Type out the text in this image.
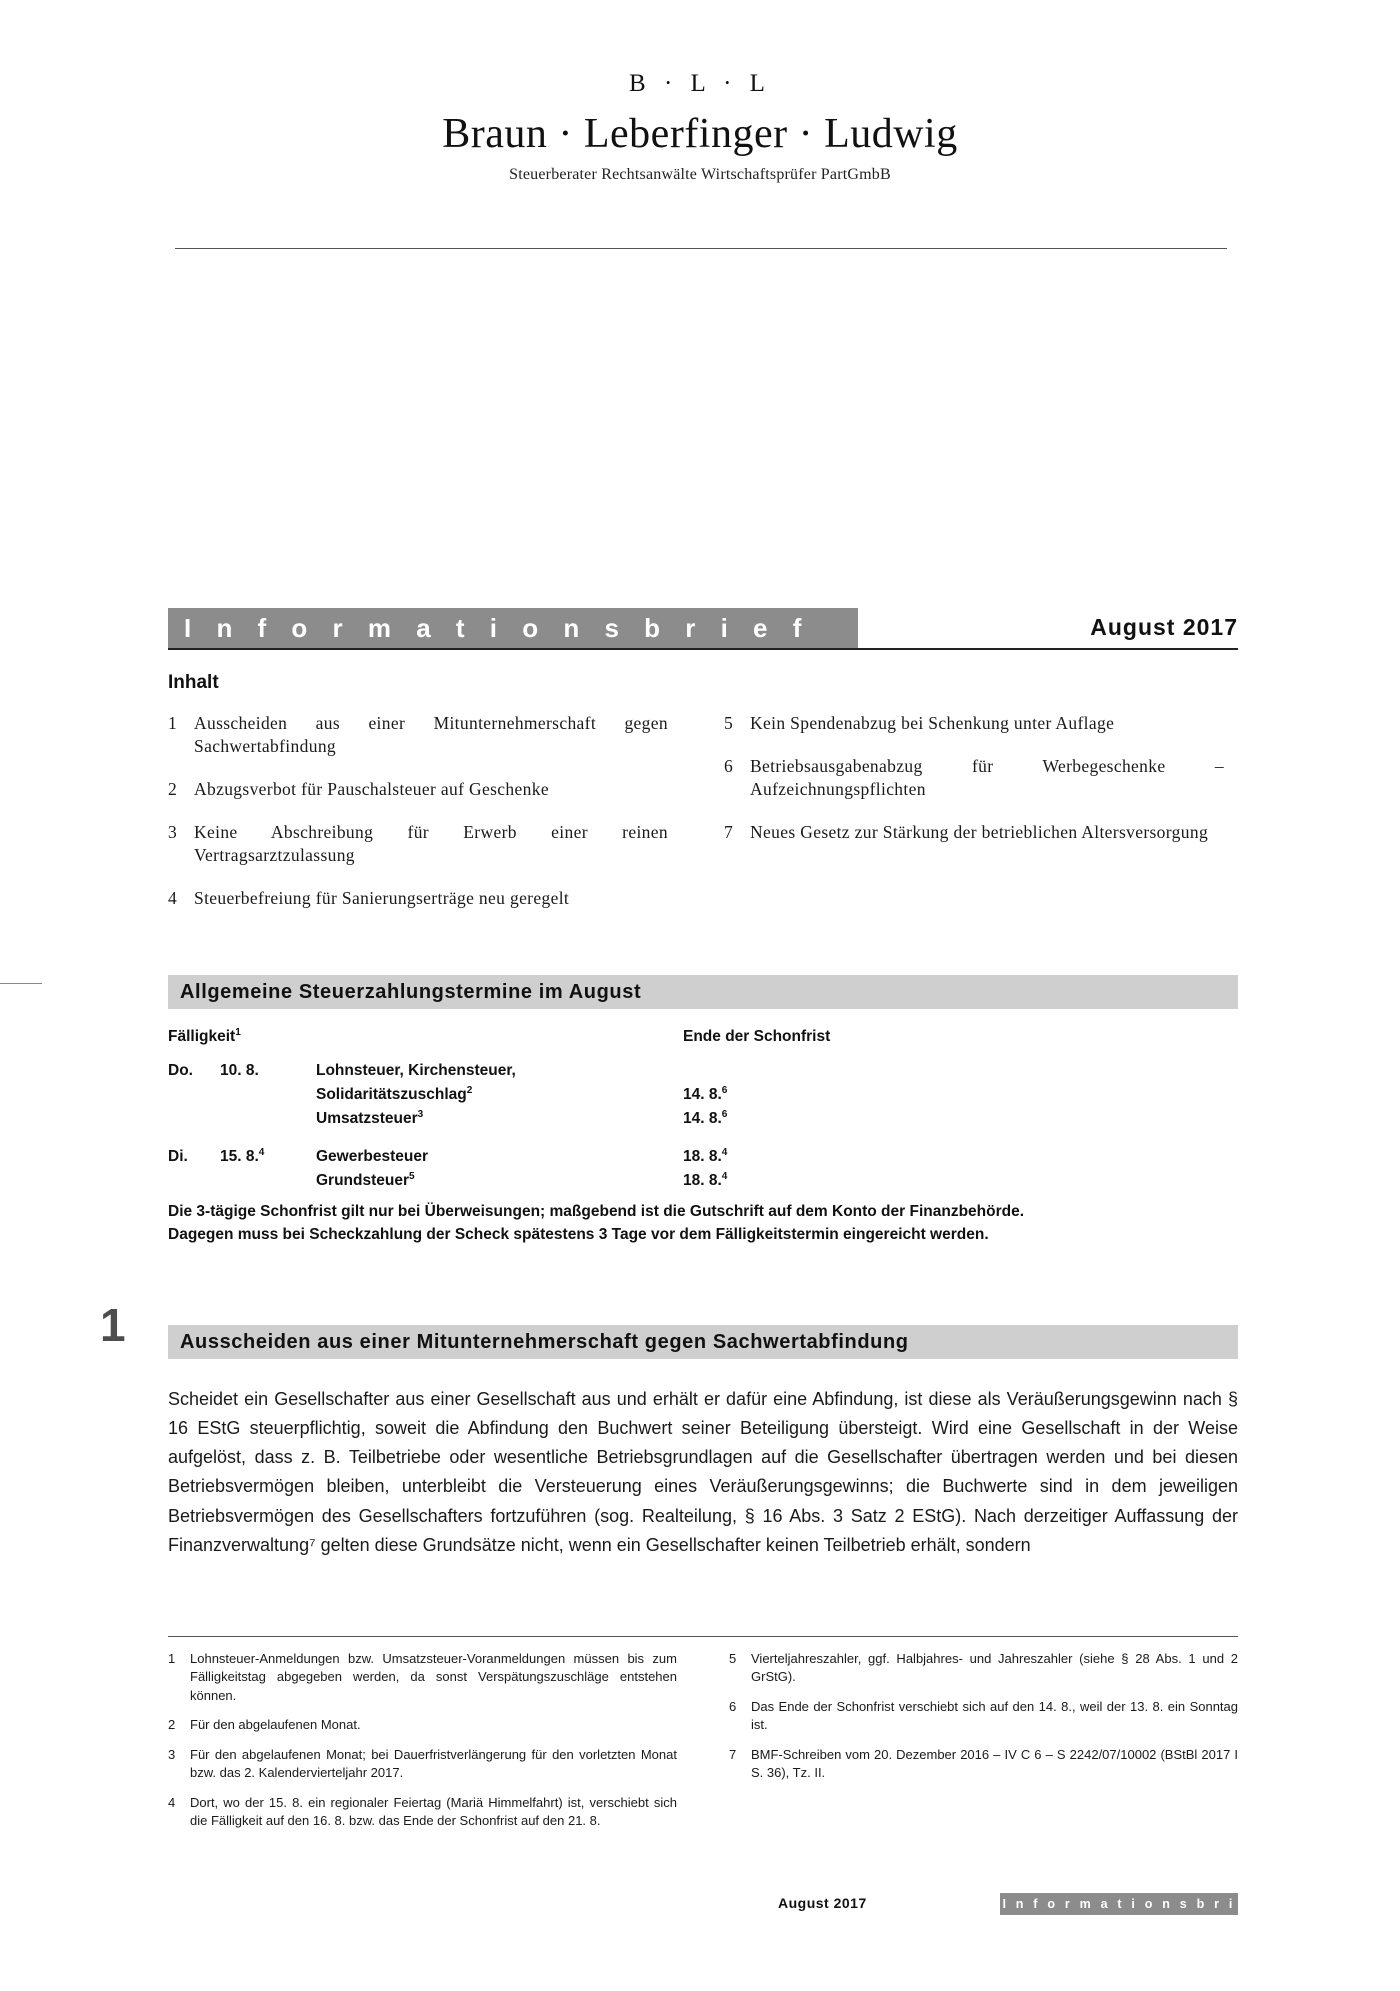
B · L · L
Braun · Leberfinger · Ludwig
Steuerberater Rechtsanwälte Wirtschaftsprüfer PartGmbB
I n f o r m a t i o n s b r i e f	August 2017
Inhalt
1 Ausscheiden aus einer Mitunternehmerschaft gegen Sachwertabfindung
2 Abzugsverbot für Pauschalsteuer auf Geschenke
3 Keine Abschreibung für Erwerb einer reinen Vertragsarztzulassung
4 Steuerbefreiung für Sanierungserträge neu geregelt
5 Kein Spendenabzug bei Schenkung unter Auflage
6 Betriebsausgabenabzug für Werbegeschenke – Aufzeichnungspflichten
7 Neues Gesetz zur Stärkung der betrieblichen Altersversorgung
Allgemeine Steuerzahlungstermine im August
Fälligkeit$^1$	Ende der Schonfrist
Do.	10. 8.	Lohnsteuer, Kirchensteuer,
Solidaritätszuschlag$^2$	14. 8.$^6$
Umsatzsteuer$^3$	14. 8.$^6$
Di.	15. 8.$^4$	Gewerbesteuer	18. 8.$^4$
Grundsteuer$^5$	18. 8.$^4$
Die 3-tägige Schonfrist gilt nur bei Überweisungen; maßgebend ist die Gutschrift auf dem Konto der Finanzbehörde.
Dagegen muss bei Scheckzahlung der Scheck spätestens 3 Tage vor dem Fälligkeitstermin eingereicht werden.
1	Ausscheiden aus einer Mitunternehmerschaft gegen Sachwertabfindung
Scheidet ein Gesellschafter aus einer Gesellschaft aus und erhält er dafür eine Abfindung, ist diese als Veräußerungsgewinn nach § 16 EStG steuerpflichtig, soweit die Abfindung den Buchwert seiner Beteiligung übersteigt. Wird eine Gesellschaft in der Weise aufgelöst, dass z. B. Teilbetriebe oder wesentliche Betriebsgrundlagen auf die Gesellschafter übertragen werden und bei diesen Betriebsvermögen bleiben, unterbleibt die Versteuerung eines Veräußerungsgewinns; die Buchwerte sind in dem jeweiligen Betriebsvermögen des Gesellschafters fortzuführen (sog. Realteilung, § 16 Abs. 3 Satz 2 EStG). Nach derzeitiger Auffassung der Finanzverwaltung⁷ gelten diese Grundsätze nicht, wenn ein Gesellschafter keinen Teilbetrieb erhält, sondern
1	Lohnsteuer-Anmeldungen bzw. Umsatzsteuer-Voranmeldungen müssen bis zum Fälligkeitstag abgegeben werden, da sonst Verspätungszuschläge entstehen können.
2	Für den abgelaufenen Monat.
3	Für den abgelaufenen Monat; bei Dauerfristverlängerung für den vorletzten Monat bzw. das 2. Kalendervierteljahr 2017.
4	Dort, wo der 15. 8. ein regionaler Feiertag (Mariä Himmelfahrt) ist, verschiebt sich die Fälligkeit auf den 16. 8. bzw. das Ende der Schonfrist auf den 21. 8.
5	Vierteljahreszahler, ggf. Halbjahres- und Jahreszahler (siehe § 28 Abs. 1 und 2 GrStG).
6	Das Ende der Schonfrist verschiebt sich auf den 14. 8., weil der 13. 8. ein Sonntag ist.
7	BMF-Schreiben vom 20. Dezember 2016 – IV C 6 – S 2242/07/10002 (BStBl 2017 I S. 36), Tz. II.
August 2017	I n f o r m a t i o n s b r i e f
